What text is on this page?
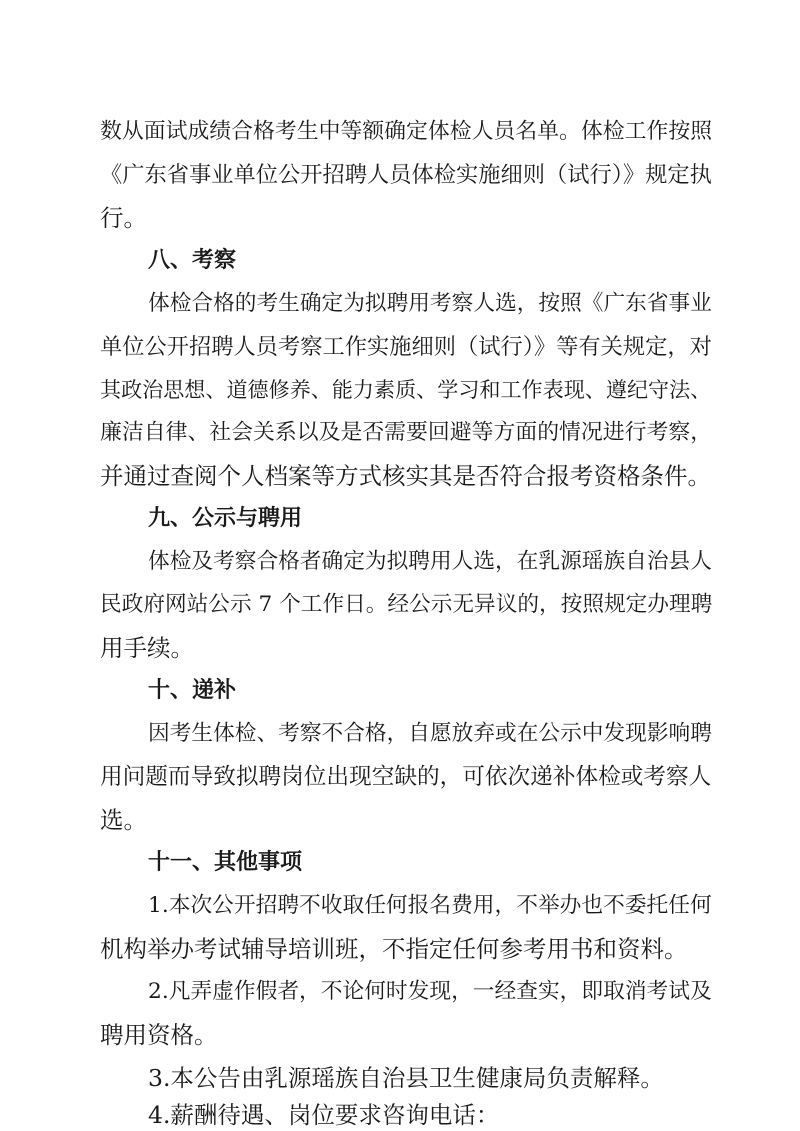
数从面试成绩合格考生中等额确定体检人员名单。体检工作按照
《广东省事业单位公开招聘人员体检实施细则（试行）》规定执
行。
八、考察
体检合格的考生确定为拟聘用考察人选，按照《广东省事业
单位公开招聘人员考察工作实施细则（试行）》等有关规定，对
其政治思想、道德修养、能力素质、学习和工作表现、遵纪守法、
廉洁自律、社会关系以及是否需要回避等方面的情况进行考察，
并通过查阅个人档案等方式核实其是否符合报考资格条件。
九、公示与聘用
体检及考察合格者确定为拟聘用人选，在乳源瑶族自治县人
民政府网站公示 7 个工作日。经公示无异议的，按照规定办理聘
用手续。
十、递补
因考生体检、考察不合格，自愿放弃或在公示中发现影响聘
用问题而导致拟聘岗位出现空缺的，可依次递补体检或考察人
选。
十一、其他事项
1.本次公开招聘不收取任何报名费用，不举办也不委托任何
机构举办考试辅导培训班，不指定任何参考用书和资料。
2.凡弄虚作假者，不论何时发现，一经查实，即取消考试及
聘用资格。
3.本公告由乳源瑶族自治县卫生健康局负责解释。
4.薪酬待遇、岗位要求咨询电话：
